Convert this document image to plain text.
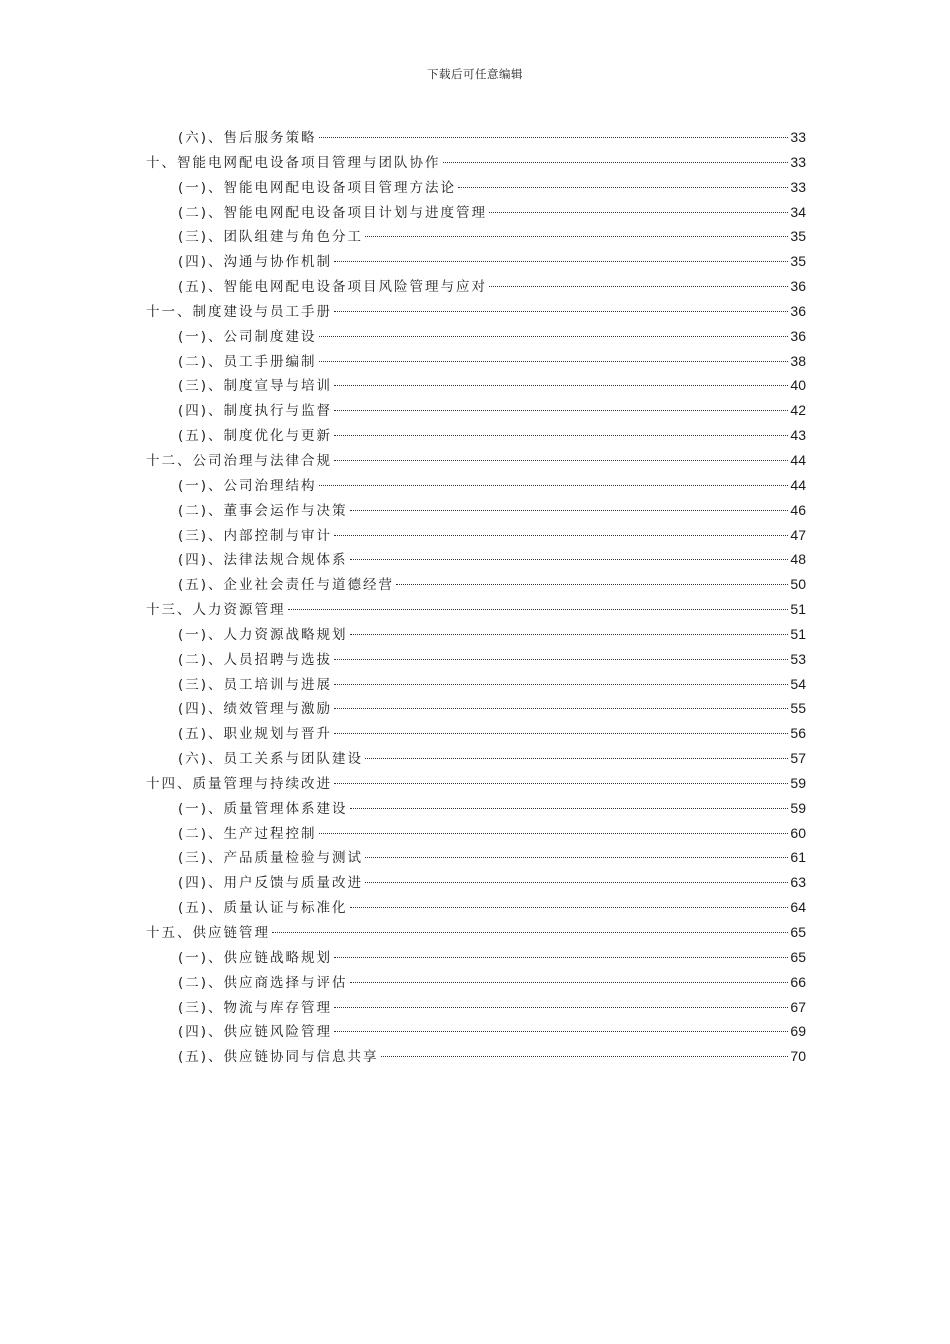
下载后可任意编辑
(六)、售后服务策略	33
十、智能电网配电设备项目管理与团队协作	33
(一)、智能电网配电设备项目管理方法论	33
(二)、智能电网配电设备项目计划与进度管理	34
(三)、团队组建与角色分工	35
(四)、沟通与协作机制	35
(五)、智能电网配电设备项目风险管理与应对	36
十一、制度建设与员工手册	36
(一)、公司制度建设	36
(二)、员工手册编制	38
(三)、制度宣导与培训	40
(四)、制度执行与监督	42
(五)、制度优化与更新	43
十二、公司治理与法律合规	44
(一)、公司治理结构	44
(二)、董事会运作与决策	46
(三)、内部控制与审计	47
(四)、法律法规合规体系	48
(五)、企业社会责任与道德经营	50
十三、人力资源管理	51
(一)、人力资源战略规划	51
(二)、人员招聘与选拔	53
(三)、员工培训与进展	54
(四)、绩效管理与激励	55
(五)、职业规划与晋升	56
(六)、员工关系与团队建设	57
十四、质量管理与持续改进	59
(一)、质量管理体系建设	59
(二)、生产过程控制	60
(三)、产品质量检验与测试	61
(四)、用户反馈与质量改进	63
(五)、质量认证与标准化	64
十五、供应链管理	65
(一)、供应链战略规划	65
(二)、供应商选择与评估	66
(三)、物流与库存管理	67
(四)、供应链风险管理	69
(五)、供应链协同与信息共享	70
